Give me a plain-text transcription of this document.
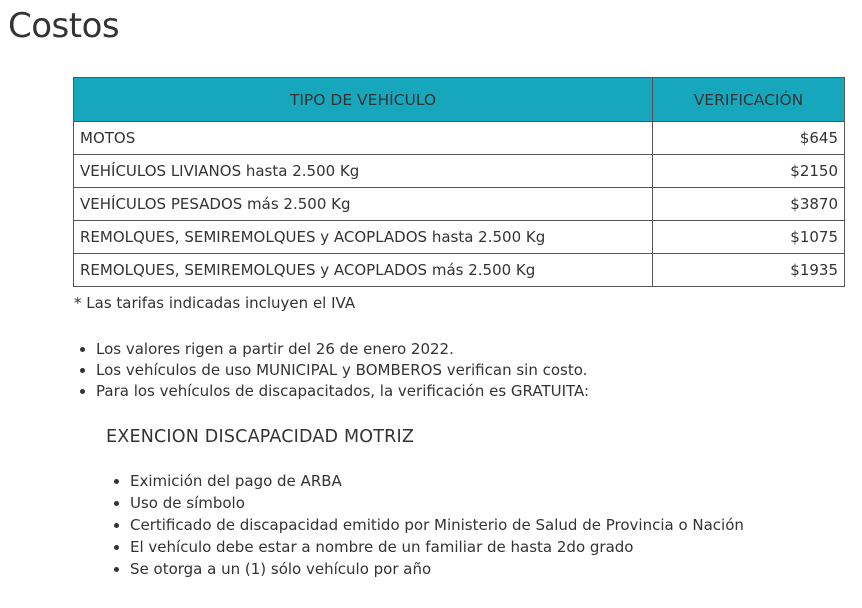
Costos
TIPO DE VEHÍCULO	VERIFICACIÓN
MOTOS	$645
VEHÍCULOS LIVIANOS hasta 2.500 Kg	$2150
VEHÍCULOS PESADOS más 2.500 Kg	$3870
REMOLQUES, SEMIREMOLQUES y ACOPLADOS hasta 2.500 Kg	$1075
REMOLQUES, SEMIREMOLQUES y ACOPLADOS más 2.500 Kg	$1935
* Las tarifas indicadas incluyen el IVA
• Los valores rigen a partir del 26 de enero 2022.
• Los vehículos de uso MUNICIPAL y BOMBEROS verifican sin costo.
• Para los vehículos de discapacitados, la verificación es GRATUITA:
EXENCION DISCAPACIDAD MOTRIZ
• Eximición del pago de ARBA
• Uso de símbolo
• Certificado de discapacidad emitido por Ministerio de Salud de Provincia o Nación
• El vehículo debe estar a nombre de un familiar de hasta 2do grado
• Se otorga a un (1) sólo vehículo por año
